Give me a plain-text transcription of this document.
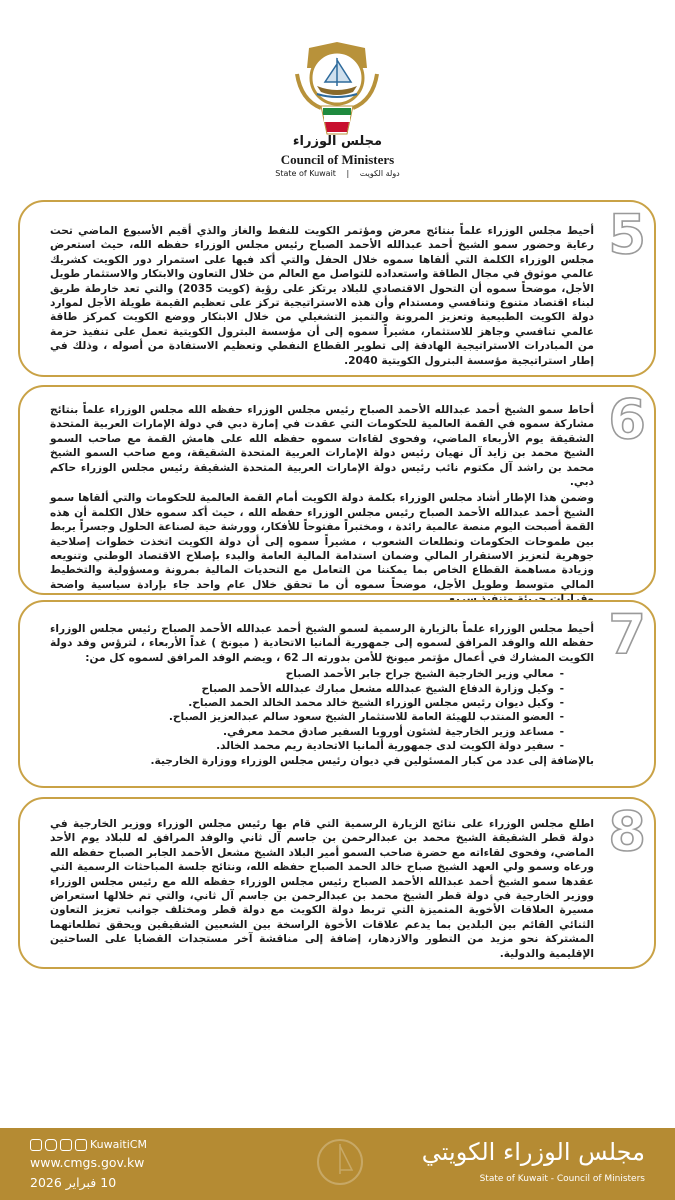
مجلس الوزراء
Council of Ministers
State of Kuwait | دولة الكويت
5

أحيط مجلس الوزراء علماً بنتائج معرض ومؤتمر الكويت للنفط والغاز والذي أقيم الأسبوع الماضي تحت رعاية وحضور سمو الشيخ أحمد عبدالله الأحمد الصباح رئيس مجلس الوزراء حفظه الله، حيث استعرض مجلس الوزراء الكلمة التي ألقاها سموه خلال الحفل والتي أكد فيها على استمرار دور الكويت كشريك عالمي موثوق في مجال الطاقة واستعداده للتواصل مع العالم من خلال التعاون والابتكار والاستثمار طويل الأجل، موضحاً سموه أن التحول الاقتصادي للبلاد يرتكز على رؤية (كويت 2035) والتي تعد خارطة طريق لبناء اقتصاد متنوع وتنافسي ومستدام وأن هذه الاستراتيجية تركز على تعظيم القيمة طويلة الأجل لموارد دولة الكويت الطبيعية وتعزيز المرونة والتميز التشغيلي من خلال الابتكار ووضع الكويت كمركز طاقة عالمي تنافسي وجاهز للاستثمار، مشيراً سموه إلى أن مؤسسة البترول الكويتية تعمل على تنفيذ حزمة من المبادرات الاستراتيجية الهادفة إلى تطوير القطاع النفطي وتعظيم الاستفادة من أصوله ، وذلك في إطار استراتيجية مؤسسة البترول الكويتية 2040.

6

أحاط سمو الشيخ أحمد عبدالله الأحمد الصباح رئيس مجلس الوزراء حفظه الله مجلس الوزراء علماً بنتائج مشاركة سموه في القمة العالمية للحكومات التي عقدت في إمارة دبي في دولة الإمارات العربية المتحدة الشقيقة يوم الأربعاء الماضي، وفحوى لقاءات سموه حفظه الله على هامش القمة مع صاحب السمو الشيخ محمد بن زايد آل نهيان رئيس دولة الإمارات العربية المتحدة الشقيقة، ومع صاحب السمو الشيخ محمد بن راشد آل مكتوم نائب رئيس دولة الإمارات العربية المتحدة الشقيقة رئيس مجلس الوزراء حاكم دبي.

وضمن هذا الإطار أشاد مجلس الوزراء بكلمة دولة الكويت أمام القمة العالمية للحكومات والتي ألقاها سمو الشيخ أحمد عبدالله الأحمد الصباح رئيس مجلس الوزراء حفظه الله ، حيث أكد سموه خلال الكلمة أن هذه القمة أصبحت اليوم منصة عالمية رائدة ، ومختبراً مفتوحاً للأفكار، وورشة حية لصناعة الحلول وجسراً يربط بين طموحات الحكومات وتطلعات الشعوب ، مشيراً سموه إلى أن دولة الكويت اتخذت خطوات إصلاحية جوهرية لتعزيز الاستقرار المالي وضمان استدامة المالية العامة والبدء بإصلاح الاقتصاد الوطني وتنويعه وزيادة مساهمة القطاع الخاص بما يمكننا من التعامل مع التحديات المالية بمرونة ومسؤولية والتخطيط المالي متوسط وطويل الأجل، موضحاً سموه أن ما تحقق خلال عام واحد جاء بإرادة سياسية واضحة

7

أحيط مجلس الوزراء علماً بالزيارة الرسمية لسمو الشيخ أحمد عبدالله الأحمد الصباح رئيس مجلس الوزراء حفظه الله والوفد المرافق لسموه إلى جمهورية ألمانيا الاتحادية ( ميونخ ) غداً الأربعاء ، لترؤس وفد دولة الكويت المشارك في أعمال مؤتمر ميونخ للأمن بدورته الـ 62 ، ويضم الوفد المرافق لسموه كل من:

- معالي وزير الخارجية الشيخ جراح جابر الأحمد الصباح
- وكيل وزارة الدفاع الشيخ عبدالله مشعل مبارك عبدالله الأحمد الصباح
- وكيل ديوان رئيس مجلس الوزراء الشيخ خالد محمد الخالد الحمد الصباح.
- العضو المنتدب للهيئة العامة للاستثمار الشيخ سعود سالم عبدالعزيز الصباح.
- مساعد وزير الخارجية لشئون أوروبا السفير صادق محمد معرفي.
- سفير دولة الكويت لدى جمهورية ألمانيا الاتحادية ريم محمد الخالد.

بالإضافة إلى عدد من كبار المسئولين في ديوان رئيس مجلس الوزراء ووزارة الخارجية.

8

اطلع مجلس الوزراء على نتائج الزيارة الرسمية التي قام بها رئيس مجلس الوزراء ووزير الخارجية في دولة قطر الشقيقة الشيخ محمد بن عبدالرحمن بن جاسم آل ثاني والوفد المرافق له للبلاد يوم الأحد الماضي، وفحوى لقاءاته مع حضرة صاحب السمو أمير البلاد الشيخ مشعل الأحمد الجابر الصباح حفظه الله ورعاه وسمو ولي العهد الشيخ صباح خالد الحمد الصباح حفظه الله، ونتائج جلسة المباحثات الرسمية التي عقدها سمو الشيخ أحمد عبدالله الأحمد الصباح رئيس مجلس الوزراء حفظه الله مع رئيس مجلس الوزراء ووزير الخارجية في دولة قطر الشيخ محمد بن عبدالرحمن بن جاسم آل ثاني، والتي تم خلالها استعراض مسيرة العلاقات الأخوية المتميزة التي تربط دولة الكويت مع دولة قطر ومختلف جوانب تعزيز التعاون الثنائي القائم بين البلدين بما يدعم علاقات الأخوة الراسخة بين الشعبين الشقيقين ويحقق تطلعاتهما المشتركة نحو مزيد من التطور والازدهار، إضافة إلى مناقشة آخر مستجدات القضايا على الساحتين الإقليمية والدولية.

KuwaitiCM
www.cmgs.gov.kw
10 فبراير 2026
مجلس الوزراء الكويتي
State of Kuwait - Council of Ministers
